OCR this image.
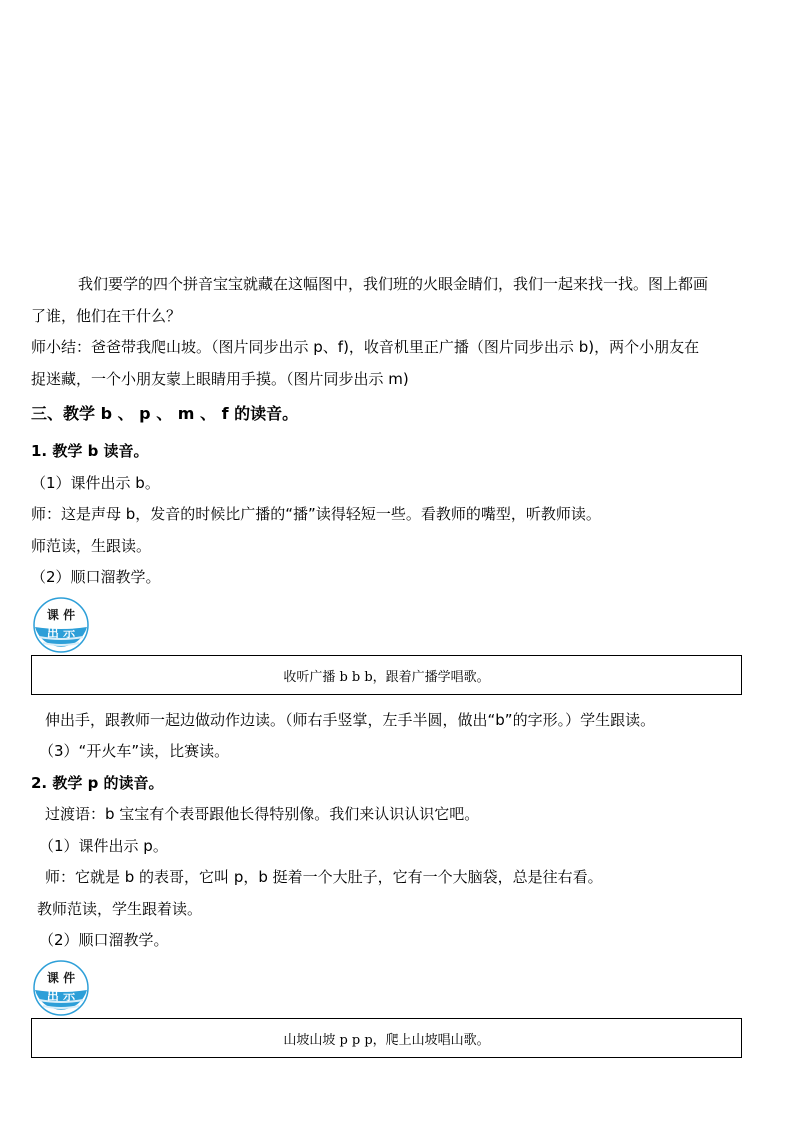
我们要学的四个拼音宝宝就藏在这幅图中，我们班的火眼金睛们，我们一起来找一找。图上都画
了谁，他们在干什么？
师小结：爸爸带我爬山坡。（图片同步出示 p、f)，收音机里正广播（图片同步出示 b)，两个小朋友在
捉迷藏，一个小朋友蒙上眼睛用手摸。（图片同步出示 m)
三、教学 b 、 p 、 m 、 f 的读音。
1. 教学 b 读音。
（1）课件出示 b。
师：这是声母 b，发音的时候比广播的“播”读得轻短一些。看教师的嘴型，听教师读。
师范读，生跟读。
（2）顺口溜教学。
课 件
出 示
收听广播 b b b，跟着广播学唱歌。
伸出手，跟教师一起边做动作边读。（师右手竖掌，左手半圆，做出“b”的字形。）学生跟读。
（3）“开火车”读，比赛读。
2. 教学 p 的读音。
过渡语：b 宝宝有个表哥跟他长得特别像。我们来认识认识它吧。
（1）课件出示 p。
师：它就是 b 的表哥，它叫 p，b 挺着一个大肚子，它有一个大脑袋，总是往右看。
教师范读，学生跟着读。
（2）顺口溜教学。
课 件
出 示
山坡山坡 p p p，爬上山坡唱山歌。
